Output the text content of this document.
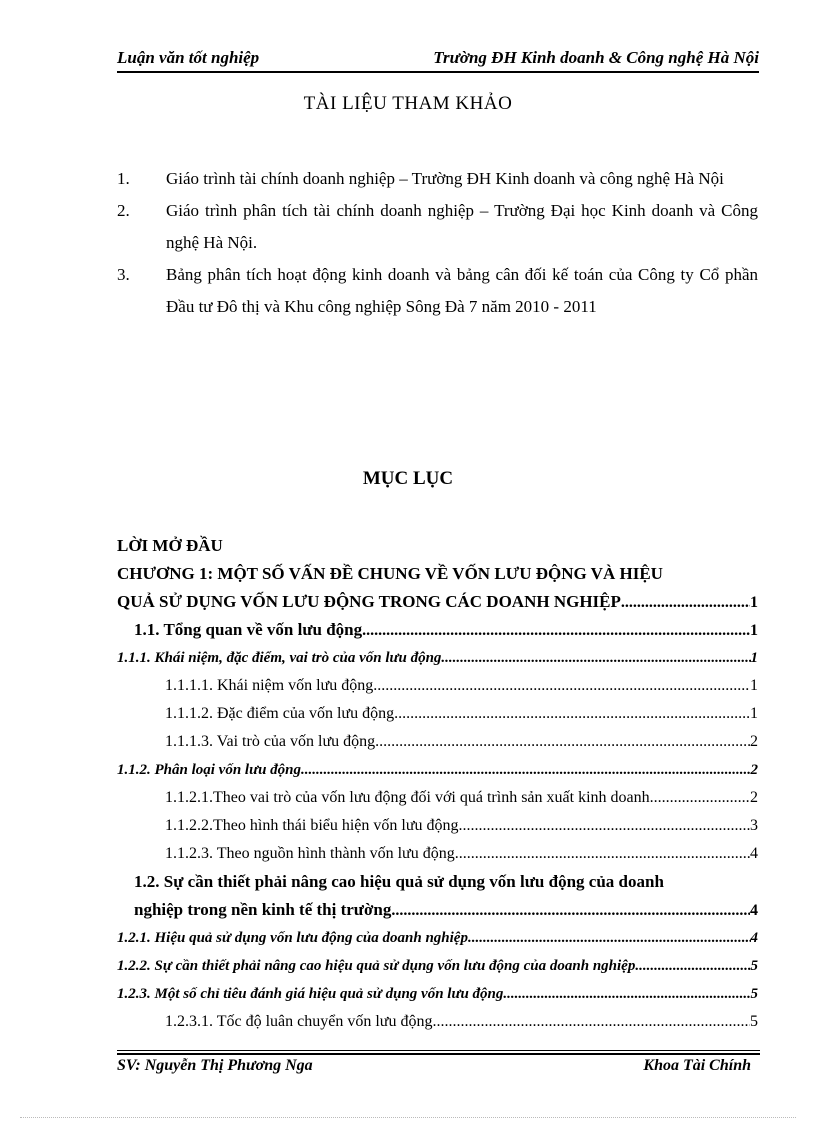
Luận văn tốt nghiệp	Trường ĐH Kinh doanh & Công nghệ Hà Nội
TÀI LIỆU THAM KHẢO
1. Giáo trình tài chính doanh nghiệp – Trường ĐH Kinh doanh và công nghệ Hà Nội
2. Giáo trình phân tích tài chính doanh nghiệp – Trường Đại học Kinh doanh và Công nghệ Hà Nội.
3. Bảng phân tích hoạt động kinh doanh và bảng cân đối kế toán của Công ty Cổ phần Đầu tư Đô thị và Khu công nghiệp Sông Đà 7 năm 2010 - 2011
MỤC LỤC
LỜI MỞ ĐẦU
CHƯƠNG 1: MỘT SỐ VẤN ĐỀ CHUNG VỀ VỐN LƯU ĐỘNG VÀ HIỆU
QUẢ SỬ DỤNG VỐN LƯU ĐỘNG TRONG CÁC DOANH NGHIỆP .....	1
1.1. Tổng quan về vốn lưu động .....	1
1.1.1. Khái niệm, đặc điểm, vai trò của vốn lưu động .....	1
1.1.1.1. Khái niệm vốn lưu động .....	1
1.1.1.2. Đặc điểm của vốn lưu động .....	1
1.1.1.3. Vai trò của vốn lưu động .....	2
1.1.2. Phân loại vốn lưu động .....	2
1.1.2.1.Theo vai trò của vốn lưu động đối với quá trình sản xuất kinh doanh .....	2
1.1.2.2.Theo hình thái biểu hiện vốn lưu động .....	3
1.1.2.3. Theo nguồn hình thành vốn lưu động .....	4
1.2. Sự cần thiết phải nâng cao hiệu quả sử dụng vốn lưu động của doanh
nghiệp trong nền kinh tế thị trường .....	4
1.2.1. Hiệu quả sử dụng vốn lưu động của doanh nghiệp .....	4
1.2.2. Sự cần thiết phải nâng cao hiệu quả sử dụng vốn lưu động của doanh nghiệp .....	5
1.2.3. Một số chỉ tiêu đánh giá hiệu quả sử dụng vốn lưu động .....	5
1.2.3.1. Tốc độ luân chuyển vốn lưu động .....	5
SV: Nguyễn Thị Phương Nga	Khoa Tài Chính
